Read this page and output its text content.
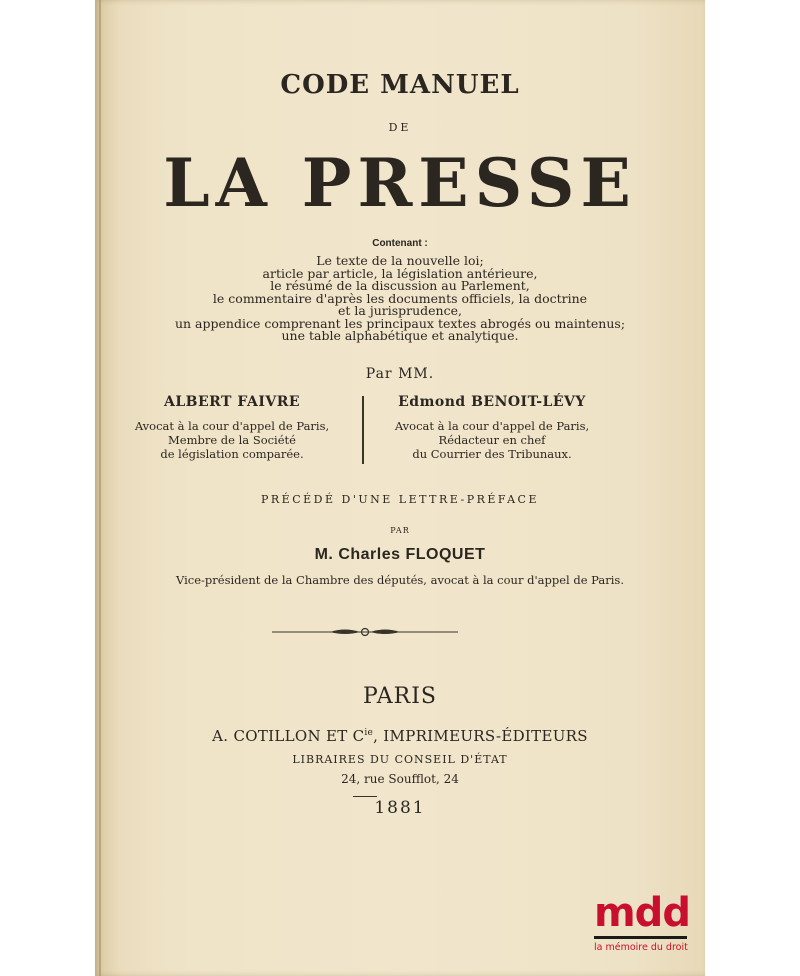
CODE MANUEL
DE
LA PRESSE
Contenant :
Le texte de la nouvelle loi;
article par article, la législation antérieure,
le résumé de la discussion au Parlement,
le commentaire d'après les documents officiels, la doctrine
et la jurisprudence,
un appendice comprenant les principaux textes abrogés ou maintenus;
une table alphabétique et analytique.
Par MM.
ALBERT FAIVRE
Avocat à la cour d'appel de Paris,
Membre de la Société
de législation comparée.
Edmond BENOIT-LÉVY
Avocat à la cour d'appel de Paris,
Rédacteur en chef
du Courrier des Tribunaux.
PRÉCÉDÉ D'UNE LETTRE-PRÉFACE
PAR
M. Charles FLOQUET
Vice-président de la Chambre des députés, avocat à la cour d'appel de Paris.
PARIS
A. COTILLON ET $C^{ie}$, IMPRIMEURS-ÉDITEURS
LIBRAIRES DU CONSEIL D'ÉTAT
24, rue Soufflot, 24
1881
mdd
la mémoire du droit
